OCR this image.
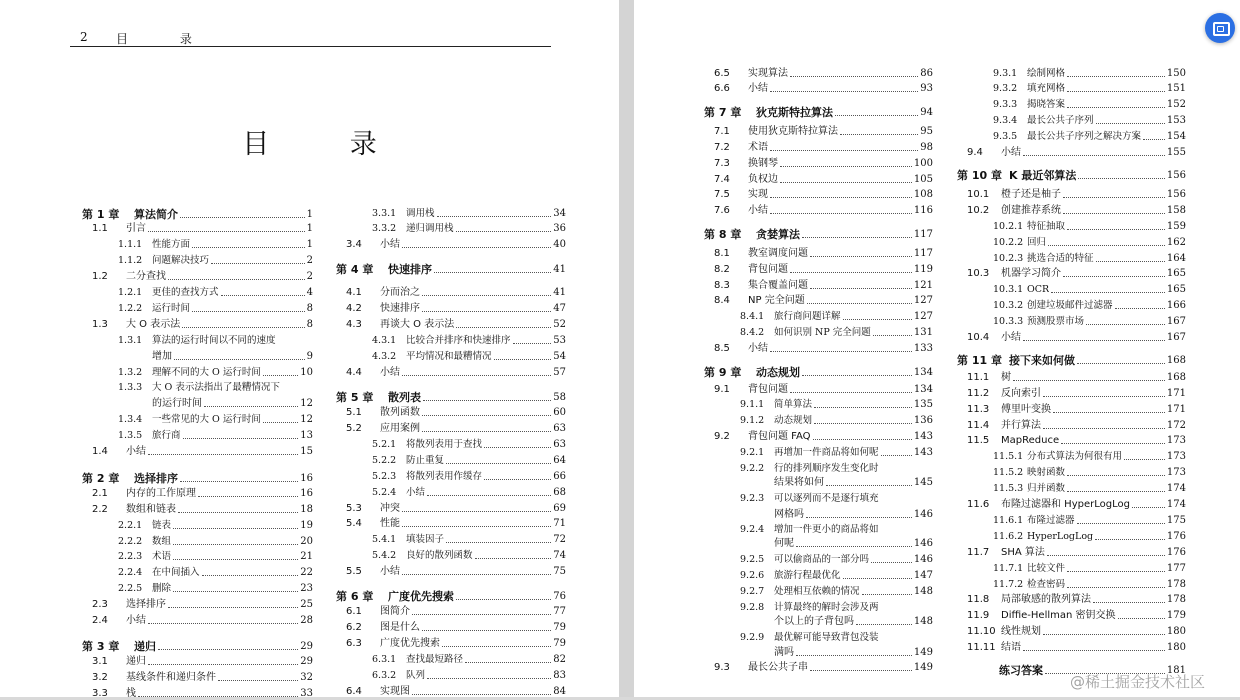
目 录
2 目 录
第 1 章	算法简介	1
1.1	引言	1
1.1.1	性能方面	1
1.1.2	问题解决技巧	2
1.2	二分查找	2
1.2.1	更佳的查找方式	4
1.2.2	运行时间	8
1.3	大 O 表示法	8
1.3.1	算法的运行时间以不同的速度
增加	9
1.3.2	理解不同的大 O 运行时间	10
1.3.3	大 O 表示法指出了最糟情况下
的运行时间	12
1.3.4	一些常见的大 O 运行时间	12
1.3.5	旅行商	13
1.4	小结	15
第 2 章	选择排序	16
2.1	内存的工作原理	16
2.2	数组和链表	18
2.2.1	链表	19
2.2.2	数组	20
2.2.3	术语	21
2.2.4	在中间插入	22
2.2.5	删除	23
2.3	选择排序	25
2.4	小结	28
第 3 章	递归	29
3.1	递归	29
3.2	基线条件和递归条件	32
3.3	栈	33
3.3.1	调用栈	34
3.3.2	递归调用栈	36
3.4	小结	40
第 4 章	快速排序	41
4.1	分而治之	41
4.2	快速排序	47
4.3	再谈大 O 表示法	52
4.3.1	比较合并排序和快速排序	53
4.3.2	平均情况和最糟情况	54
4.4	小结	57
第 5 章	散列表	58
5.1	散列函数	60
5.2	应用案例	63
5.2.1	将散列表用于查找	63
5.2.2	防止重复	64
5.2.3	将散列表用作缓存	66
5.2.4	小结	68
5.3	冲突	69
5.4	性能	71
5.4.1	填装因子	72
5.4.2	良好的散列函数	74
5.5	小结	75
第 6 章	广度优先搜索	76
6.1	图简介	77
6.2	图是什么	79
6.3	广度优先搜索	79
6.3.1	查找最短路径	82
6.3.2	队列	83
6.4	实现图	84
6.5	实现算法	86
6.6	小结	93
第 7 章	狄克斯特拉算法	94
7.1	使用狄克斯特拉算法	95
7.2	术语	98
7.3	换钢琴	100
7.4	负权边	105
7.5	实现	108
7.6	小结	116
第 8 章	贪婪算法	117
8.1	教室调度问题	117
8.2	背包问题	119
8.3	集合覆盖问题	121
8.4	NP 完全问题	127
8.4.1	旅行商问题详解	127
8.4.2	如何识别 NP 完全问题	131
8.5	小结	133
第 9 章	动态规划	134
9.1	背包问题	134
9.1.1	简单算法	135
9.1.2	动态规划	136
9.2	背包问题 FAQ	143
9.2.1	再增加一件商品将如何呢	143
9.2.2	行的排列顺序发生变化时
结果将如何	145
9.2.3	可以逐列而不是逐行填充
网格吗	146
9.2.4	增加一件更小的商品将如
何呢	146
9.2.5	可以偷商品的一部分吗	146
9.2.6	旅游行程最优化	147
9.2.7	处理相互依赖的情况	148
9.2.8	计算最终的解时会涉及两
个以上的子背包吗	148
9.2.9	最优解可能导致背包没装
满吗	149
9.3	最长公共子串	149
9.3.1	绘制网格	150
9.3.2	填充网格	151
9.3.3	揭晓答案	152
9.3.4	最长公共子序列	153
9.3.5	最长公共子序列之解决方案	154
9.4	小结	155
第 10 章 K 最近邻算法	156
10.1	橙子还是柚子	156
10.2	创建推荐系统	158
10.2.1 特征抽取	159
10.2.2 回归	162
10.2.3 挑选合适的特征	164
10.3	机器学习简介	165
10.3.1 OCR	165
10.3.2 创建垃圾邮件过滤器	166
10.3.3 预测股票市场	167
10.4	小结	167
第 11 章 接下来如何做	168
11.1	树	168
11.2	反向索引	171
11.3	傅里叶变换	171
11.4	并行算法	172
11.5	MapReduce	173
11.5.1 分布式算法为何很有用	173
11.5.2 映射函数	173
11.5.3 归并函数	174
11.6	布隆过滤器和 HyperLogLog	174
11.6.1 布隆过滤器	175
11.6.2 HyperLogLog	176
11.7	SHA 算法	176
11.7.1 比较文件	177
11.7.2 检查密码	178
11.8	局部敏感的散列算法	178
11.9	Diffie-Hellman 密钥交换	179
11.10 线性规划	180
11.11 结语	180
练习答案	181
@稀土掘金技术社区
